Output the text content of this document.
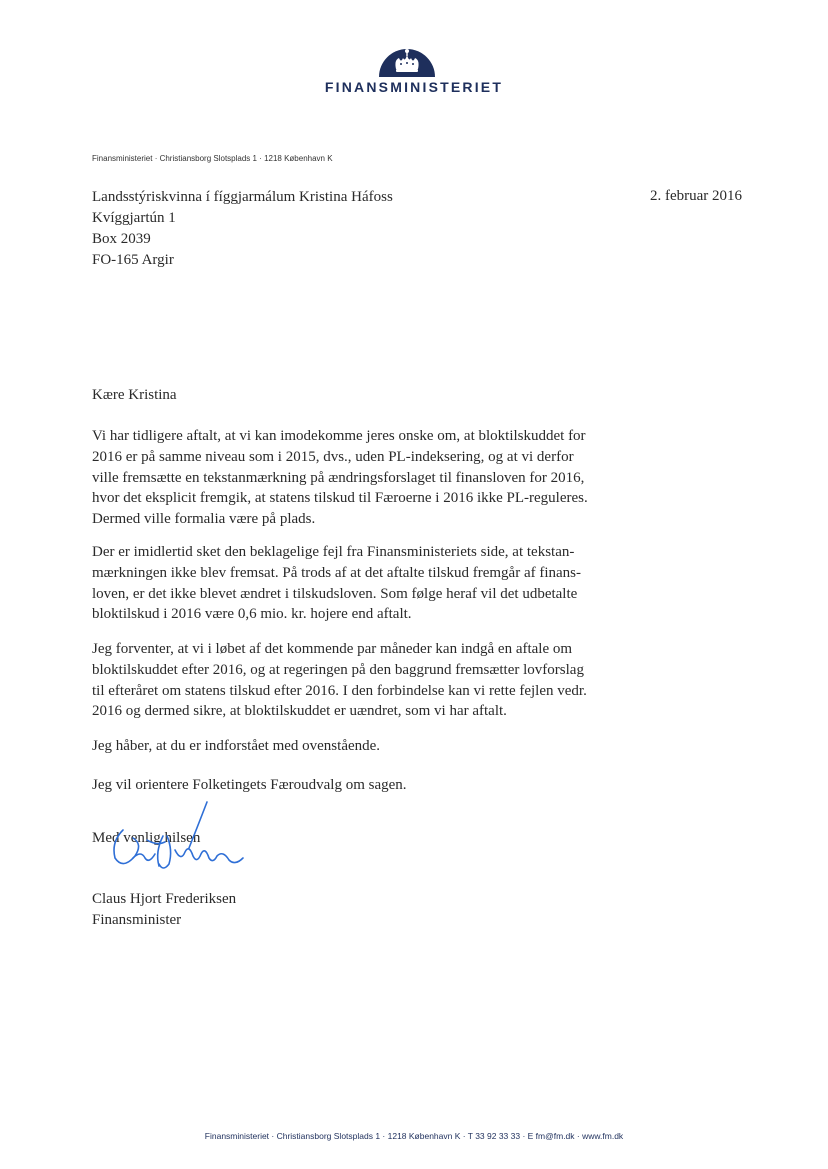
FINANSMINISTERIET
Finansministeriet · Christiansborg Slotsplads 1 · 1218 København K
Landsstýriskvinna í fíggjarmálum Kristina Háfoss
Kvíggjartún 1
Box 2039
FO-165 Argir
2. februar 2016
Kære Kristina
Vi har tidligere aftalt, at vi kan imodekomme jeres onske om, at bloktilskuddet for
2016 er på samme niveau som i 2015, dvs., uden PL-indeksering, og at vi derfor
ville fremsætte en tekstanmærkning på ændringsforslaget til finansloven for 2016,
hvor det eksplicit fremgik, at statens tilskud til Færoerne i 2016 ikke PL-reguleres.
Dermed ville formalia være på plads.
Der er imidlertid sket den beklagelige fejl fra Finansministeriets side, at tekstan-
mærkningen ikke blev fremsat. På trods af at det aftalte tilskud fremgår af finans-
loven, er det ikke blevet ændret i tilskudsloven. Som følge heraf vil det udbetalte
bloktilskud i 2016 være 0,6 mio. kr. hojere end aftalt.
Jeg forventer, at vi i løbet af det kommende par måneder kan indgå en aftale om
bloktilskuddet efter 2016, og at regeringen på den baggrund fremsætter lovforslag
til efteråret om statens tilskud efter 2016. I den forbindelse kan vi rette fejlen vedr.
2016 og dermed sikre, at bloktilskuddet er uændret, som vi har aftalt.
Jeg håber, at du er indforstået med ovenstående.
Jeg vil orientere Folketingets Færoudvalg om sagen.
Med venlig hilsen
Claus Hjort Frederiksen
Finansminister
Finansministeriet · Christiansborg Slotsplads 1 · 1218 København K · T 33 92 33 33 · E fm@fm.dk · www.fm.dk
